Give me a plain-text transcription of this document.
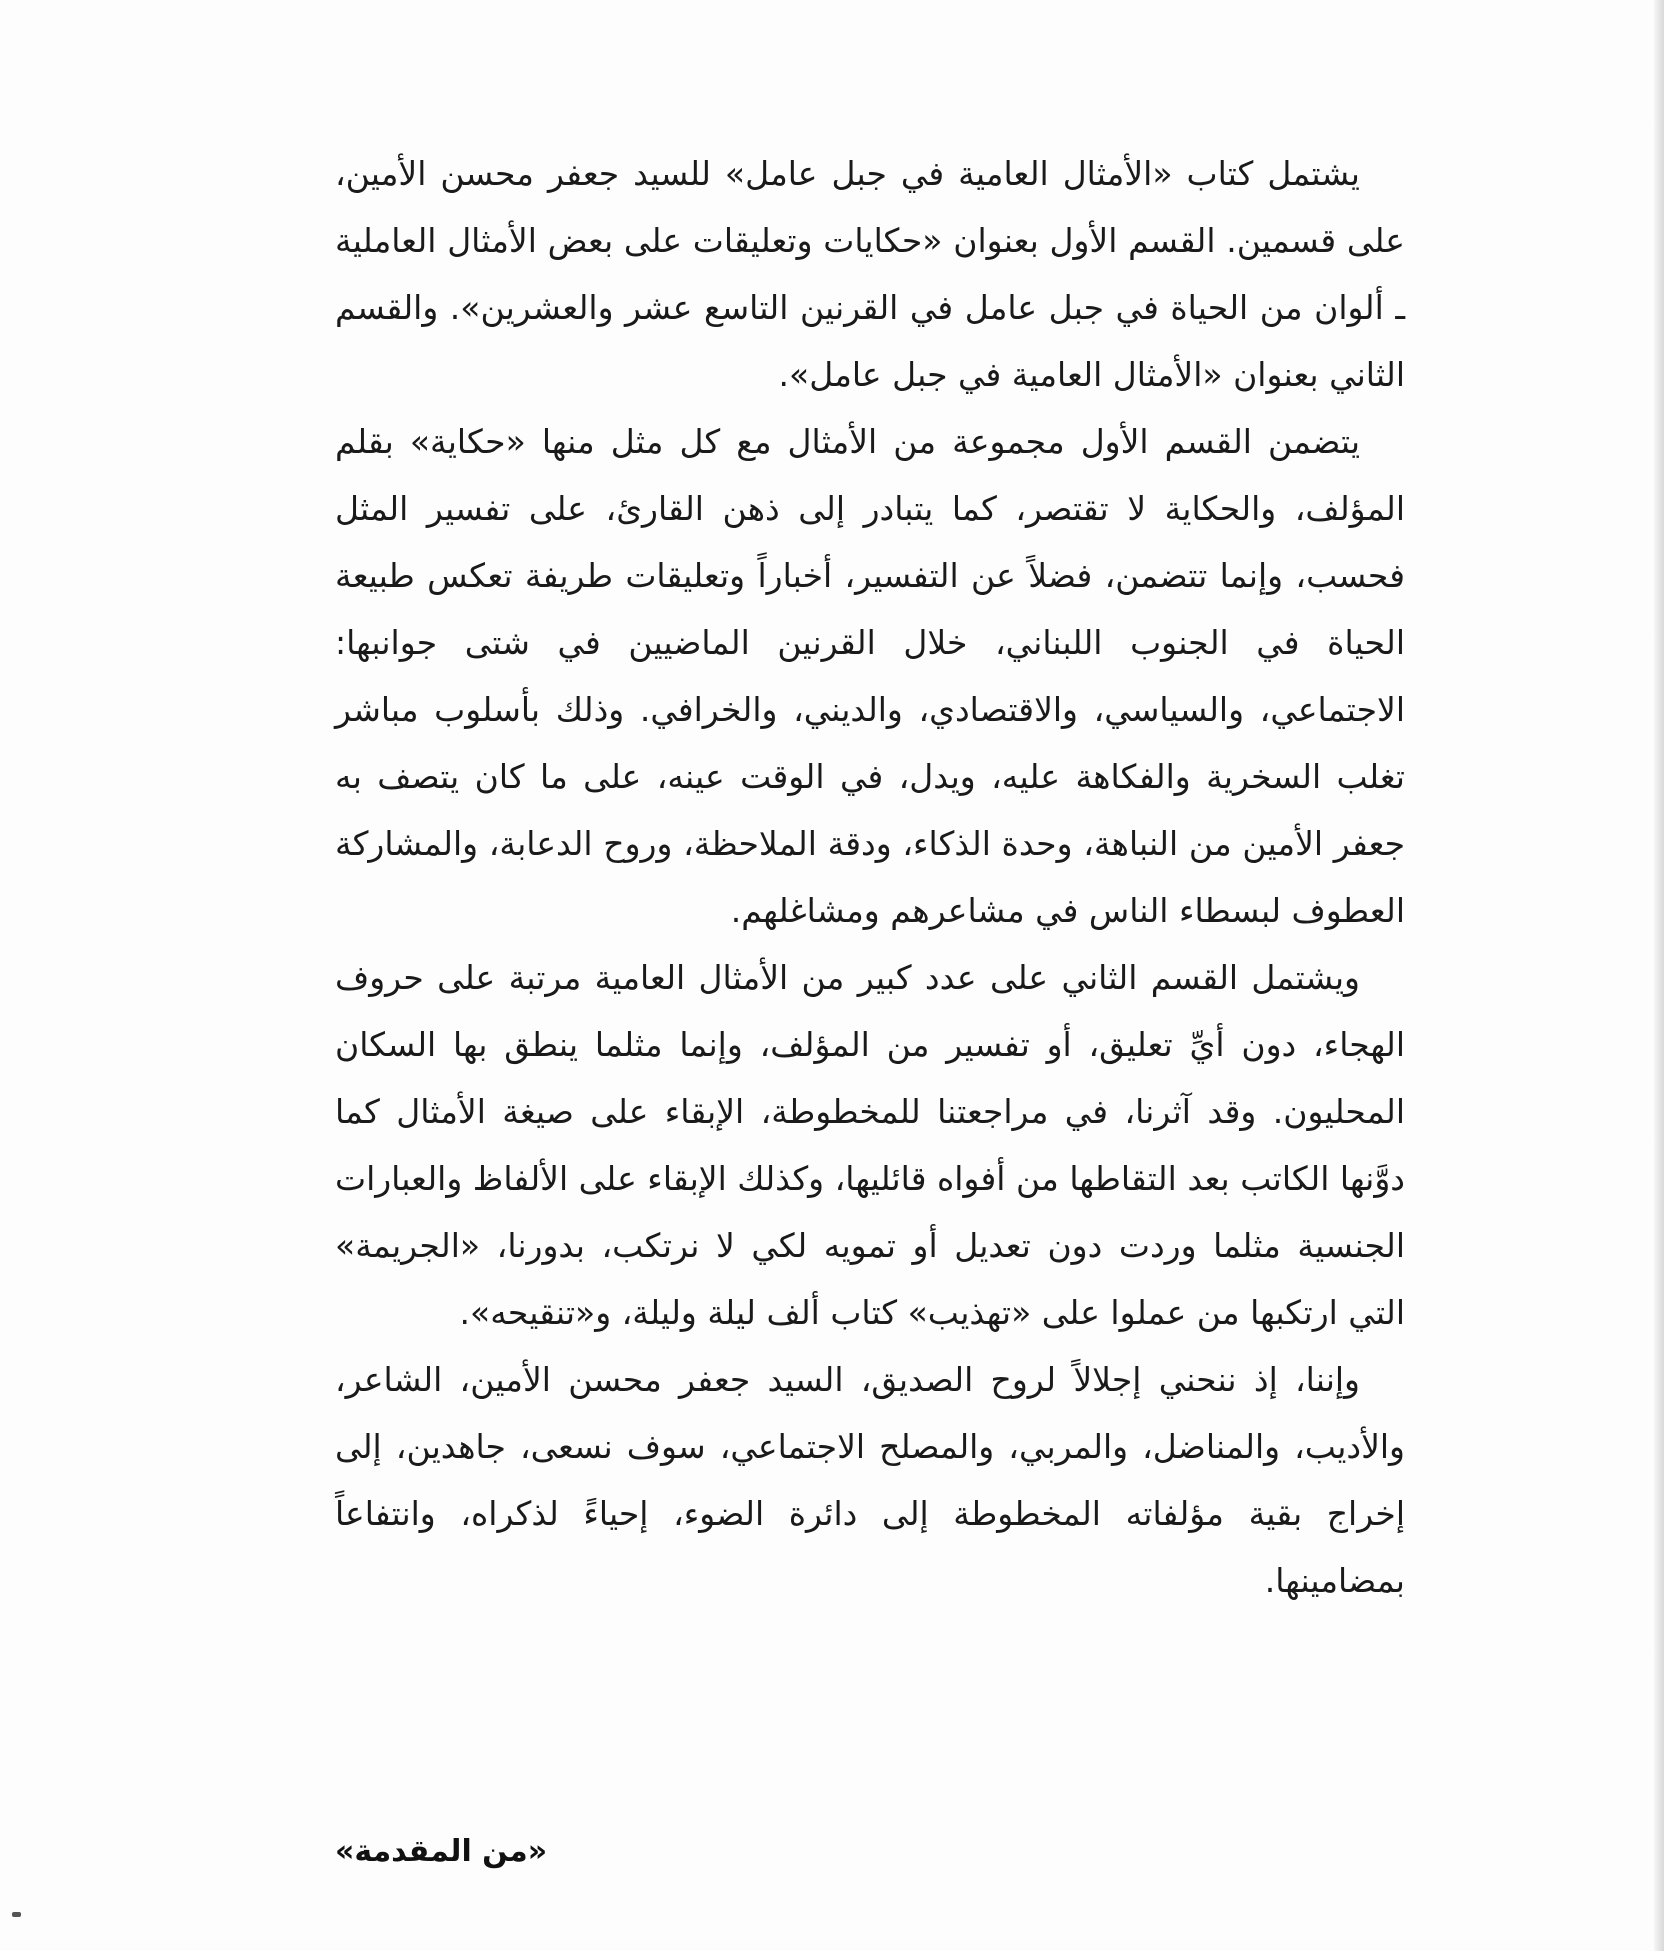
يشتمل كتاب «الأمثال العامية في جبل عامل» للسيد جعفر محسن الأمين، على قسمين. القسم الأول بعنوان «حكايات وتعليقات على بعض الأمثال العاملية ـ ألوان من الحياة في جبل عامل في القرنين التاسع عشر والعشرين». والقسم الثاني بعنوان «الأمثال العامية في جبل عامل».

يتضمن القسم الأول مجموعة من الأمثال مع كل مثل منها «حكاية» بقلم المؤلف، والحكاية لا تقتصر، كما يتبادر إلى ذهن القارئ، على تفسير المثل فحسب، وإنما تتضمن، فضلاً عن التفسير، أخباراً وتعليقات طريفة تعكس طبيعة الحياة في الجنوب اللبناني، خلال القرنين الماضيين في شتى جوانبها: الاجتماعي، والسياسي، والاقتصادي، والديني، والخرافي. وذلك بأسلوب مباشر تغلب السخرية والفكاهة عليه، ويدل، في الوقت عينه، على ما كان يتصف به جعفر الأمين من النباهة، وحدة الذكاء، ودقة الملاحظة، وروح الدعابة، والمشاركة العطوف لبسطاء الناس في مشاعرهم ومشاغلهم.

ويشتمل القسم الثاني على عدد كبير من الأمثال العامية مرتبة على حروف الهجاء، دون أيِّ تعليق، أو تفسير من المؤلف، وإنما مثلما ينطق بها السكان المحليون. وقد آثرنا، في مراجعتنا للمخطوطة، الإبقاء على صيغة الأمثال كما دوَّنها الكاتب بعد التقاطها من أفواه قائليها، وكذلك الإبقاء على الألفاظ والعبارات الجنسية مثلما وردت دون تعديل أو تمويه لكي لا نرتكب، بدورنا، «الجريمة» التي ارتكبها من عملوا على «تهذيب» كتاب ألف ليلة وليلة، و«تنقيحه».

وإننا، إذ ننحني إجلالاً لروح الصديق، السيد جعفر محسن الأمين، الشاعر، والأديب، والمناضل، والمربي، والمصلح الاجتماعي، سوف نسعى، جاهدين، إلى إخراج بقية مؤلفاته المخطوطة إلى دائرة الضوء، إحياءً لذكراه، وانتفاعاً بمضامينها.

«من المقدمة»
